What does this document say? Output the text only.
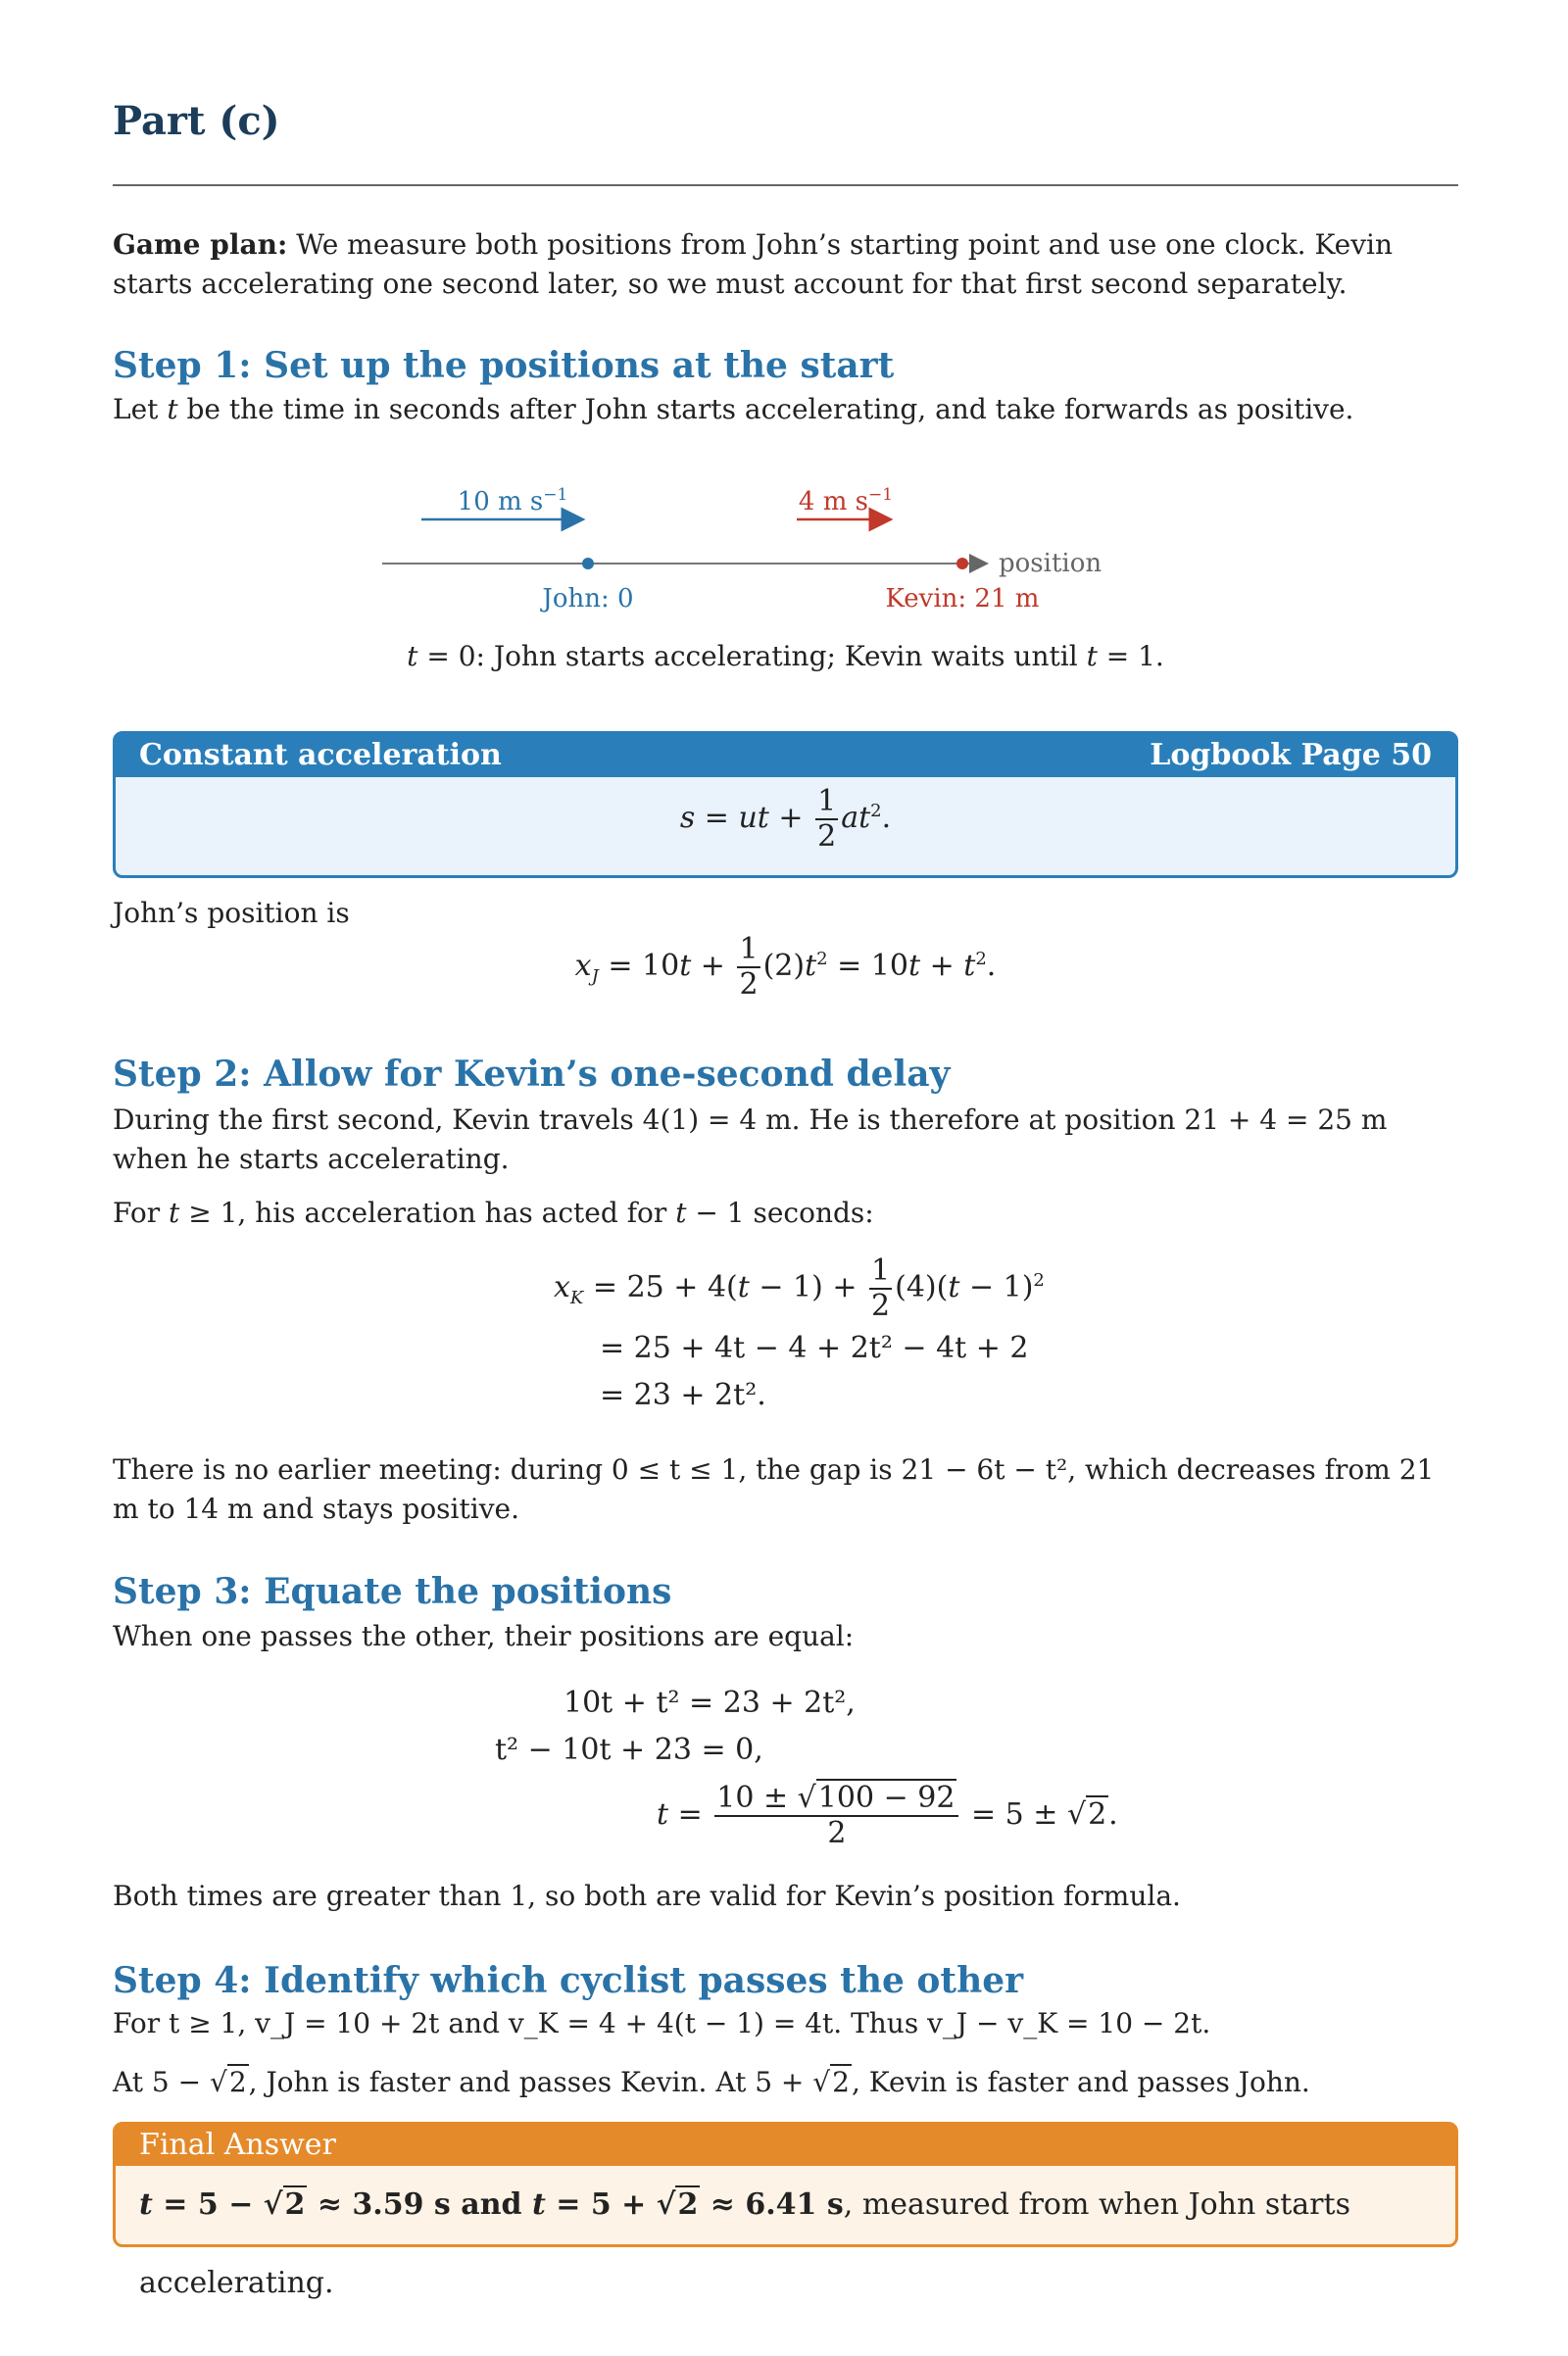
Part (c)
Game plan: We measure both positions from John’s starting point and use one clock. Kevin starts accelerating one second later, so we must account for that first second separately.
Step 1: Set up the positions at the start
Let t be the time in seconds after John starts accelerating, and take forwards as positive.
10 m $s^{-1}$	4 m $s^{-1}$
position
John: 0	Kevin: 21 m
t = 0: John starts accelerating; Kevin waits until t = 1.
Constant acceleration	Logbook Page 50
s = ut + $\frac{1}{2} at^2$.
John’s position is
$x_J = 10t + \frac{1}{2} (2)t^2 = 10t + t^2$.
Step 2: Allow for Kevin’s one-second delay
During the first second, Kevin travels 4(1) = 4 m. He is therefore at position 21 + 4 = 25 m when he starts accelerating.
For t ≥ 1, his acceleration has acted for t − 1 seconds:
$x_K = 25 + 4(t - 1) + \frac{1}{2} (4)(t - 1)^2$
= 25 + 4t − 4 + 2t² − 4t + 2
= 23 + 2t².
There is no earlier meeting: during 0 ≤ t ≤ 1, the gap is 21 − 6t − t², which decreases from 21 m to 14 m and stays positive.
Step 3: Equate the positions
When one passes the other, their positions are equal:
10t + t² = 23 + 2t²,
t² − 10t + 23 = 0,
$t = \frac{10 \pm √100 - 92}{2} = 5 \pm √2$.
Both times are greater than 1, so both are valid for Kevin’s position formula.
Step 4: Identify which cyclist passes the other
For t ≥ 1, v_J = 10 + 2t and v_K = 4 + 4(t − 1) = 4t. Thus v_J − v_K = 10 − 2t.
At 5 − √2, John is faster and passes Kevin. At 5 + √2, Kevin is faster and passes John.
Final Answer
t = 5 − √2 ≈ 3.59 s and t = 5 + √2 ≈ 6.41 s, measured from when John starts accelerating.
